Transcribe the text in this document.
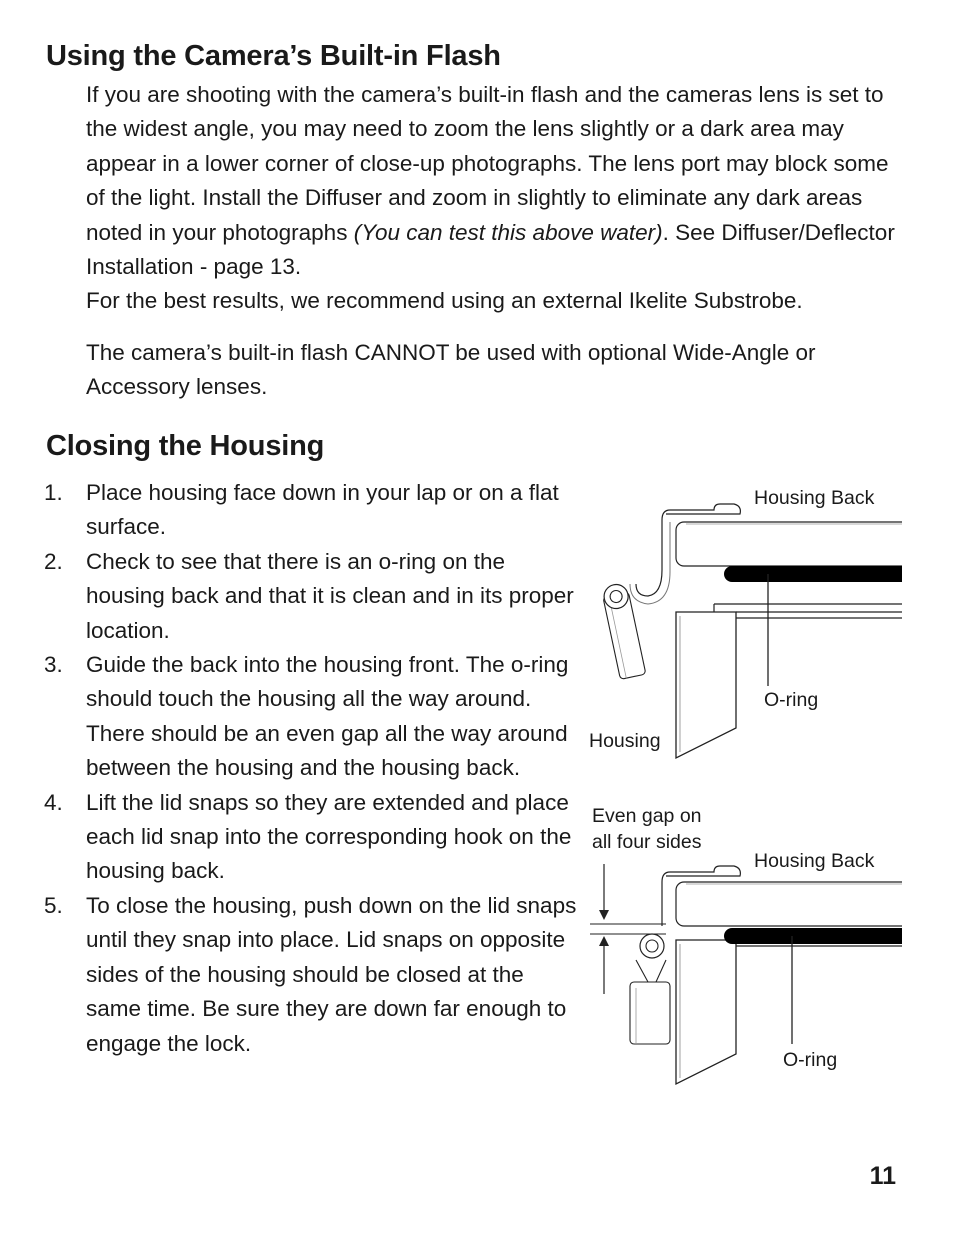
Using the Camera’s Built-in Flash

If you are shooting with the camera’s built-in flash and the cameras lens is set to the widest angle, you may need to zoom the lens slightly or a dark area may appear in a lower corner of close-up photographs. The lens port may block some of the light. Install the Diffuser and zoom in slightly to eliminate any dark areas noted in your photographs (You can test this above water). See Diffuser/Deflector Installation - page 13.
For the best results, we recommend using an external Ikelite Substrobe.

The camera’s built-in flash CANNOT be used with optional Wide-Angle or Accessory lenses.

Closing the Housing
1. Place housing face down in your lap or on a flat surface.
2. Check to see that there is an o-ring on the housing back and that it is clean and in its proper location.
3. Guide the back into the housing front. The o-ring should touch the housing all the way around. There should be an even gap all the way around between the housing and the housing back.
4. Lift the lid snaps so they are extended and place each lid snap into the corresponding hook on the housing back.
5. To close the housing, push down on the lid snaps until they snap into place. Lid snaps on opposite sides of the housing should be closed at the same time. Be sure they are down far enough to engage the lock.
Housing Back
O-ring
Housing
Even gap on
all four sides
Housing Back
O-ring
11
